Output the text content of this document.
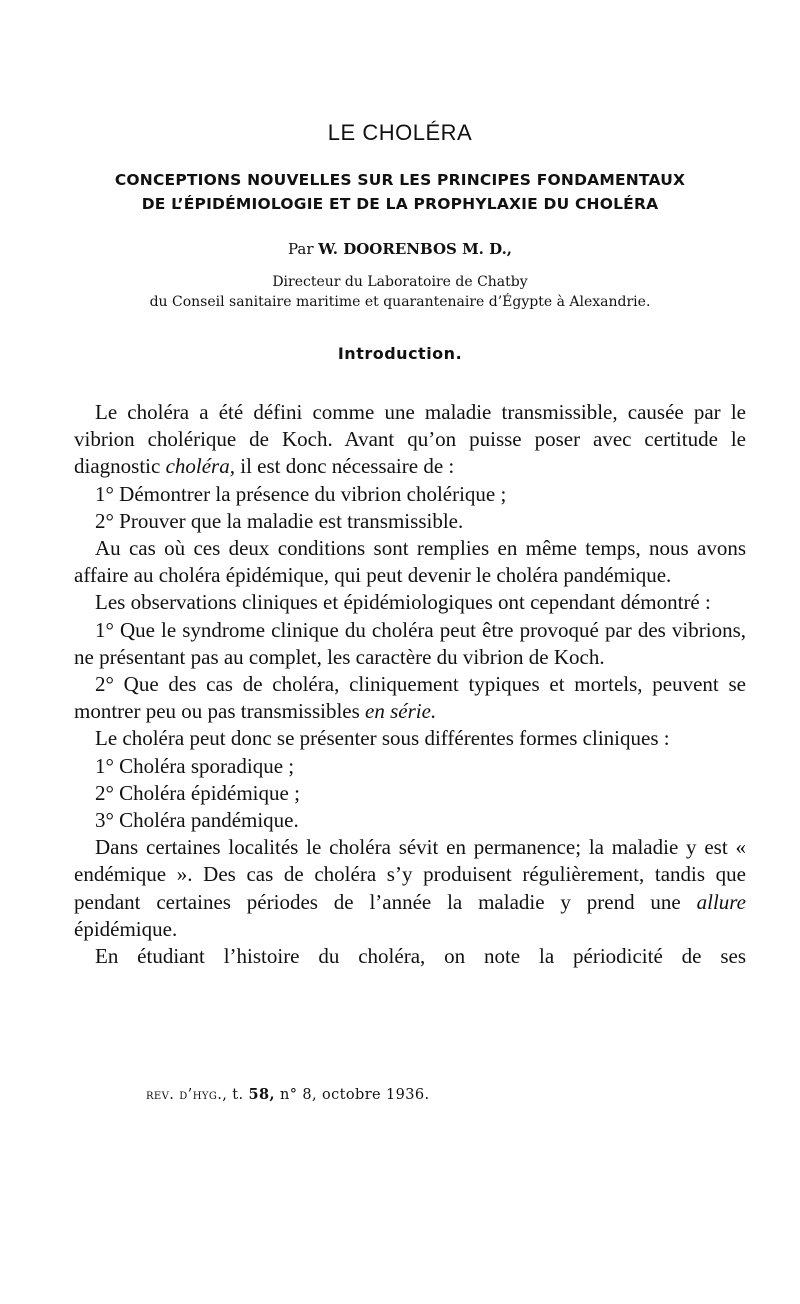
LE CHOLÉRA
CONCEPTIONS NOUVELLES SUR LES PRINCIPES FONDAMENTAUX
DE L’ÉPIDÉMIOLOGIE ET DE LA PROPHYLAXIE DU CHOLÉRA
Par W. DOORENBOS M. D.,
Directeur du Laboratoire de Chatby
du Conseil sanitaire maritime et quarantenaire d’Égypte à Alexandrie.
Introduction.

Le choléra a été défini comme une maladie transmissible, causée par le vibrion cholérique de Koch. Avant qu’on puisse poser avec certitude le diagnostic choléra, il est donc nécessaire de :

1° Démontrer la présence du vibrion cholérique ;

2° Prouver que la maladie est transmissible.

Au cas où ces deux conditions sont remplies en même temps, nous avons affaire au choléra épidémique, qui peut devenir le choléra pandémique.

Les observations cliniques et épidémiologiques ont cependant démontré :

1° Que le syndrome clinique du choléra peut être provoqué par des vibrions, ne présentant pas au complet, les caractère du vibrion de Koch.

2° Que des cas de choléra, cliniquement typiques et mortels, peuvent se montrer peu ou pas transmissibles en série.

Le choléra peut donc se présenter sous différentes formes cliniques :

1° Choléra sporadique ;

2° Choléra épidémique ;

3° Choléra pandémique.

Dans certaines localités le choléra sévit en permanence; la maladie y est « endémique ». Des cas de choléra s’y produisent régulièrement, tandis que pendant certaines périodes de l’année la maladie y prend une allure épidémique.

En étudiant l’histoire du choléra, on note la périodicité de ses

rev. d’hyg., t. 58, n° 8, octobre 1936.
